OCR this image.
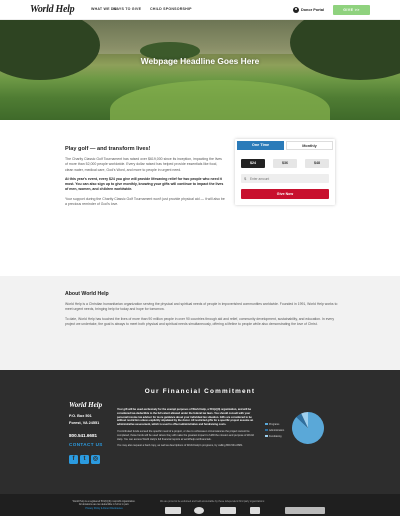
World Help	WHAT WE DO
WAYS TO GIVE CHILD SPONSORSHIP	Donor Portal	GIVE >>
Webpage Headline Goes Here
Play golf — and transform lives!

The Charity Classic Golf Tournament has raised over $619,000 since its inception, impacting the lives of more than 52,000 people worldwide. Every dollar raised has helped provide essentials like food, clean water, medical care, God's Word, and more to people in urgent need.

At this year's event, every $24 you give will provide lifesaving relief for two people who need it most. You can also sign up to give monthly, knowing your gifts will continue to impact the lives of men, women, and children worldwide.

Your support during the Charity Classic Golf Tournament won't just provide physical aid — it will also be a precious reminder of God's love.

One Time	Monthly
$24	$36	$48
$
Enter amount
Give Now
About World Help

World Help is a Christian humanitarian organization serving the physical and spiritual needs of people in impoverished communities worldwide. Founded in 1991, World Help works to meet urgent needs, bringing help for today and hope for tomorrow.

To date, World Help has touched the lives of more than 90 million people in over 90 countries through aid and relief, community development, sustainability, and education. In every project we undertake, the goal is always to meet both physical and spiritual needs simultaneously, offering a lifeline to people while also demonstrating the love of Christ.

Our Financial Commitment
World Help
P.O. Box 501
Forest, VA 24551
800.541.6681
CONTACT US
f	t	◎

Your gift will be used exclusively for the exempt purposes of World Help, a 501(c)(3) organization, and will be considered tax-deductible to the full extent allowed under the federal tax laws. You should consult with your personal income tax advisor for more guidance about your individual tax situation. Gifts are considered to be without restriction unless explicitly stipulated by the donor. All restricted gifts for a specific project assume an administrative assessment, which is used to offset administrative and fundraising costs.

If contributed funds exceed the specific need of a project, or due to unforeseen circumstances the project cannot be completed, those funds will be used where they will make the greatest impact to fulfill the mission and purpose of World Help. You can access World Help's full financial reports at worldhelp.net/financials.

You may also request a hard copy, as well as descriptions of World Help's programs, by calling 800-541-6681.

Programs
Administration
Fundraising
World Help is a registered 501(C)(3) nonprofit organization.
All donations are tax deductible in full or in part.
Privacy Policy & Donor Disclosures
We are proud to be endorsed and held accountable by these independent third party organizations:
